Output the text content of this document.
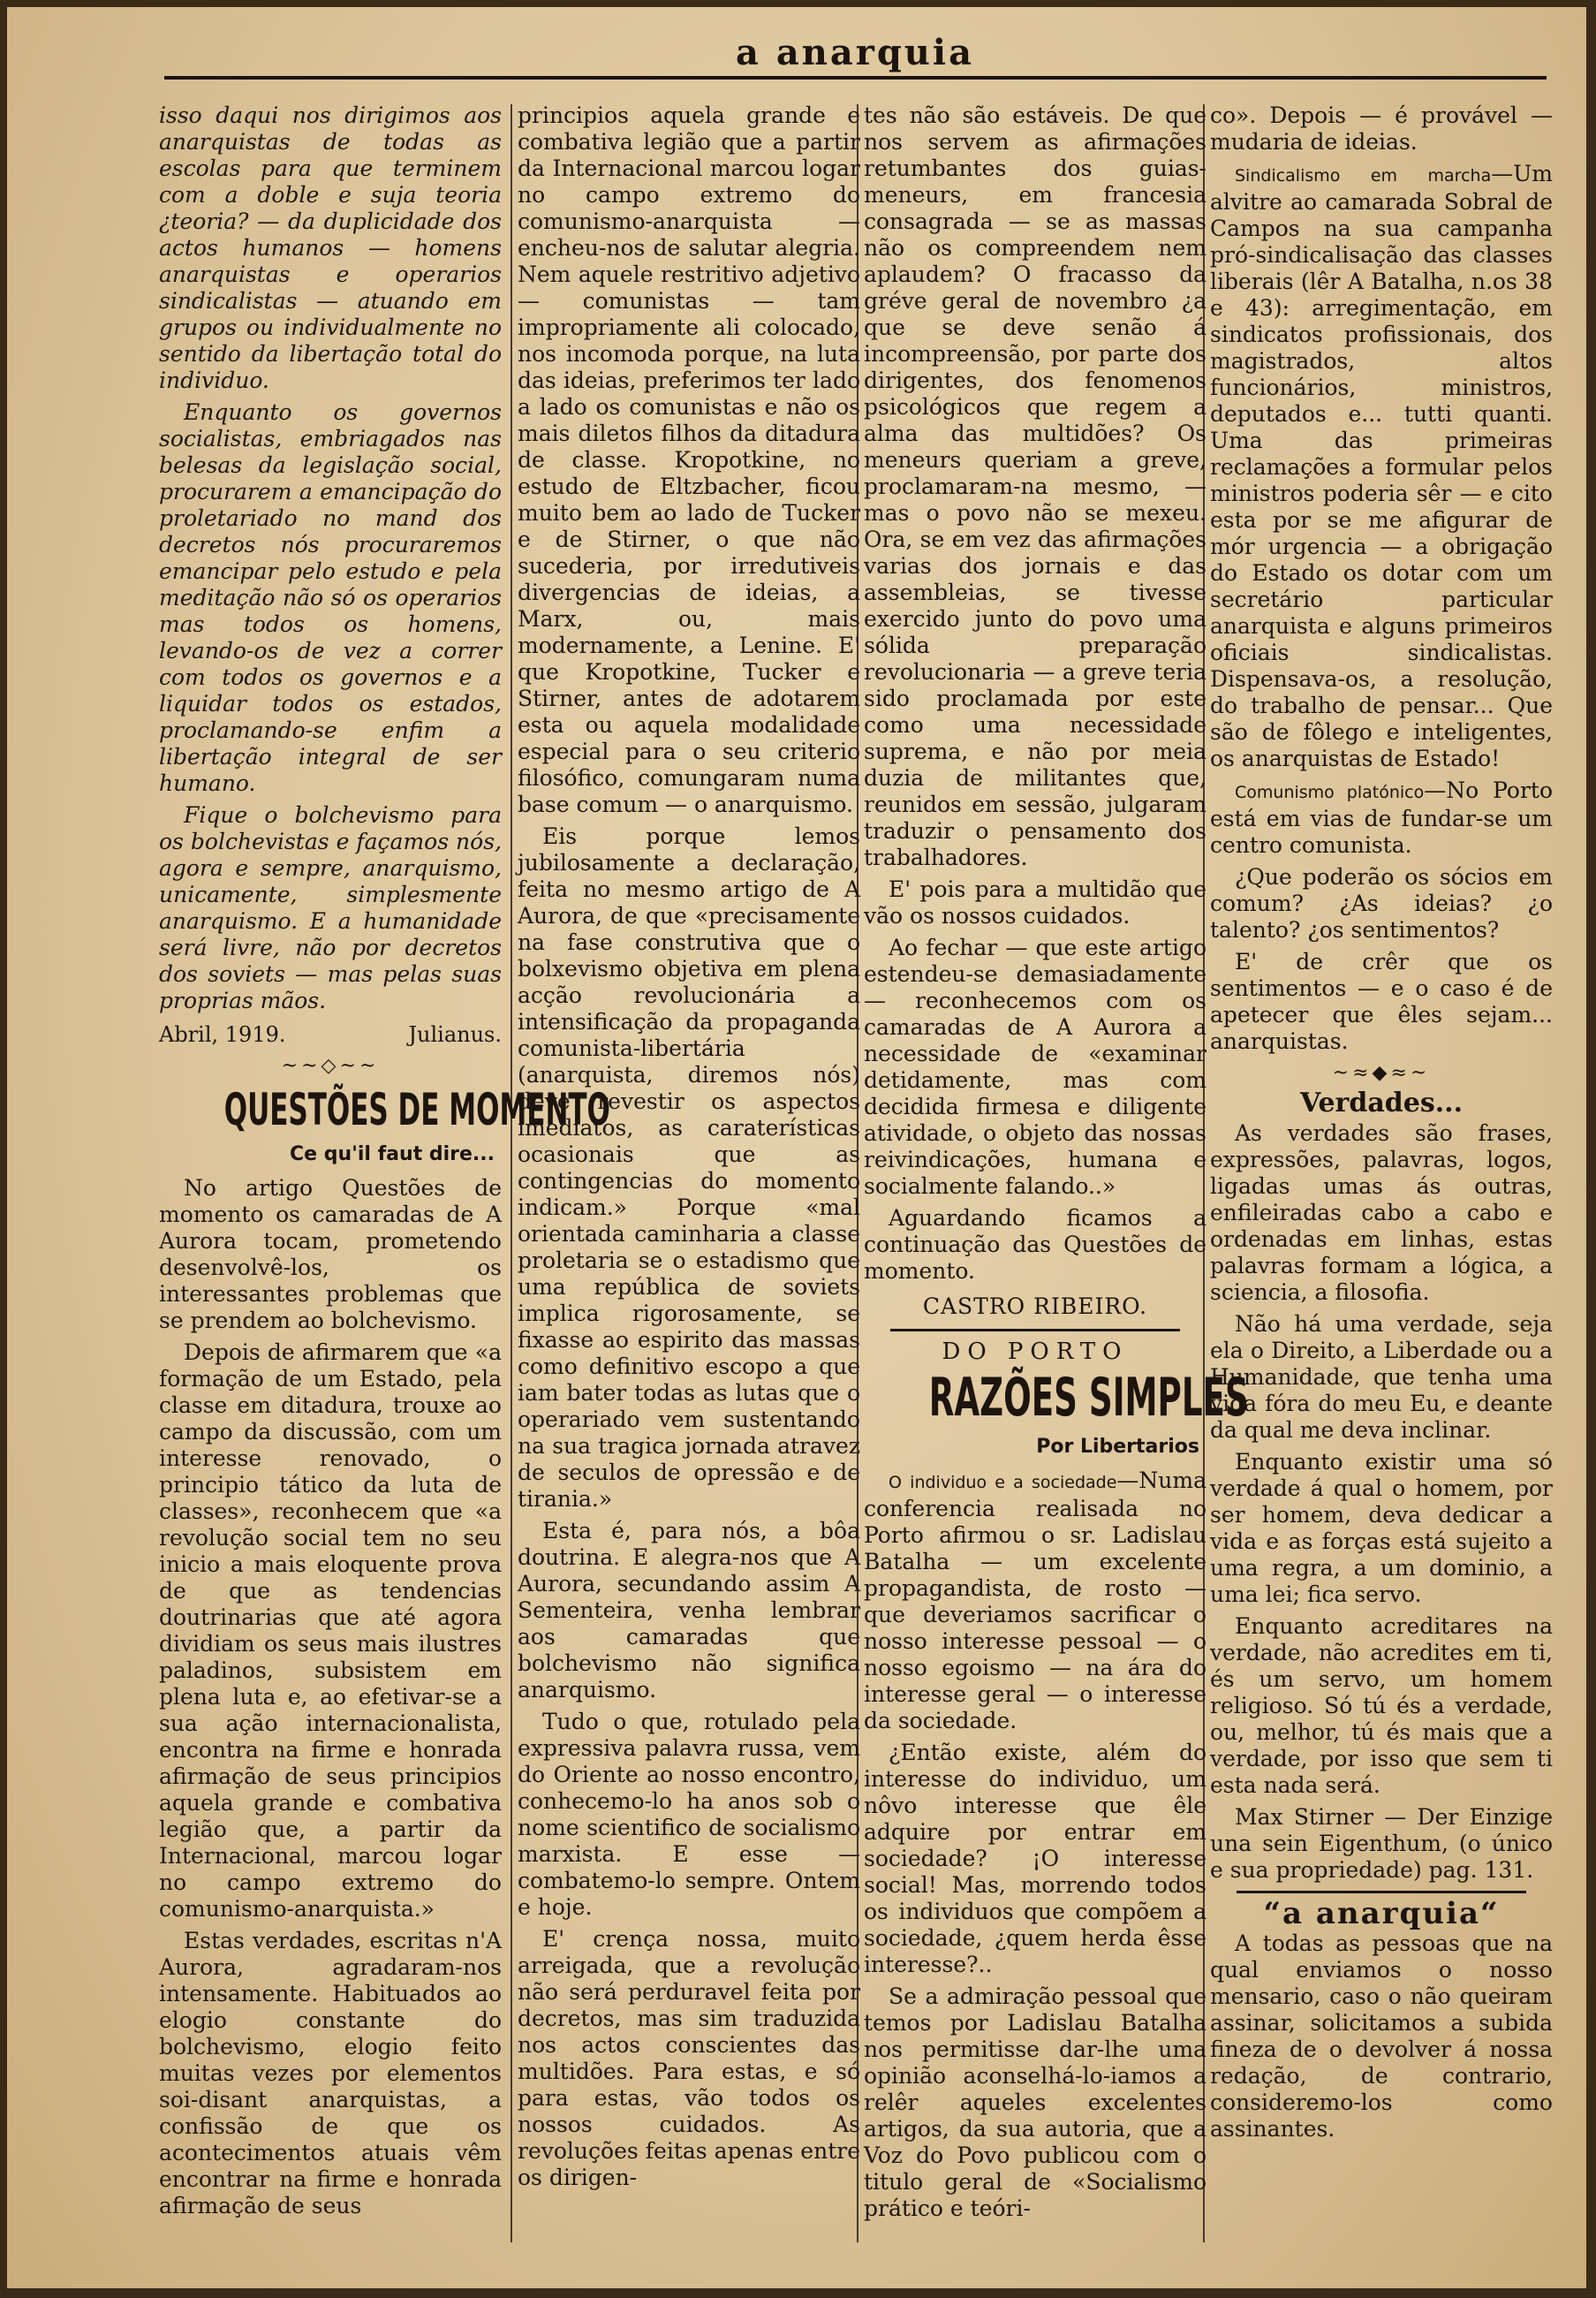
a anarquia

isso daqui nos dirigimos aos anarquistas de todas as escolas para que terminem com a doble e suja teoria ¿teoria? — da duplicidade dos actos humanos — homens anarquistas e operarios sindicalistas — atuando em grupos ou individualmente no sentido da libertação total do individuo.

Enquanto os governos socialistas, embriagados nas belesas da legislação social, procurarem a emancipação do proletariado no mand dos decretos nós procuraremos emancipar pelo estudo e pela meditação não só os operarios mas todos os homens, levando-os de vez a correr com todos os governos e a liquidar todos os estados, proclamando-se enfim a libertação integral de ser humano.

Fique o bolchevismo para os bolchevistas e façamos nós, agora e sempre, anarquismo, unicamente, simplesmente anarquismo. E a humanidade será livre, não por decretos dos soviets — mas pelas suas proprias mãos.

Abril, 1919.	Julianus.
~~◇~~
QUESTÕES DE MOMENTO
Ce qu'il faut dire...

No artigo Questões de momento os camaradas de A Aurora tocam, prometendo desenvolvê-los, os interessantes problemas que se prendem ao bolchevismo.

Depois de afirmarem que «a formação de um Estado, pela classe em ditadura, trouxe ao campo da discussão, com um interesse renovado, o principio tático da luta de classes», reconhecem que «a revolução social tem no seu inicio a mais eloquente prova de que as tendencias doutrinarias que até agora dividiam os seus mais ilustres paladinos, subsistem em plena luta e, ao efetivar-se a sua ação internacionalista, encontra na firme e honrada afirmação de seus principios aquela grande e combativa legião que, a partir da Internacional, marcou logar no campo extremo do comunismo-anarquista.»

Estas verdades, escritas n'A Aurora, agradaram-nos intensamente. Habituados ao elogio constante do bolchevismo, elogio feito muitas vezes por elementos soi-disant anarquistas, a confissão de que os acontecimentos atuais vêm encontrar na firme e honrada afirmação de seus

principios aquela grande e combativa legião que a partir da Internacional marcou logar no campo extremo do comunismo-anarquista — encheu-nos de salutar alegria. Nem aquele restritivo adjetivo — comunistas — tam impropriamente ali colocado, nos incomoda porque, na luta das ideias, preferimos ter lado a lado os comunistas e não os mais diletos filhos da ditadura de classe. Kropotkine, no estudo de Eltzbacher, ficou muito bem ao lado de Tucker e de Stirner, o que não sucederia, por irredutiveis divergencias de ideias, a Marx, ou, mais modernamente, a Lenine. E' que Kropotkine, Tucker e Stirner, antes de adotarem esta ou aquela modalidade especial para o seu criterio filosófico, comungaram numa base comum — o anarquismo.

Eis porque lemos jubilosamente a declaração, feita no mesmo artigo de A Aurora, de que «precisamente na fase construtiva que o bolxevismo objetiva em plena acção revolucionária a intensificação da propaganda comunista-libertária (anarquista, diremos nós) deve revestir os aspectos imediatos, as caraterísticas ocasionais que as contingencias do momento indicam.» Porque «mal orientada caminharia a classe proletaria se o estadismo que uma república de soviets implica rigorosamente, se fixasse ao espirito das massas como definitivo escopo a que iam bater todas as lutas que o operariado vem sustentando na sua tragica jornada atravez de seculos de opressão e de tirania.»

Esta é, para nós, a bôa doutrina. E alegra-nos que A Aurora, secundando assim A Sementeira, venha lembrar aos camaradas que bolchevismo não significa anarquismo.

Tudo o que, rotulado pela expressiva palavra russa, vem do Oriente ao nosso encontro, conhecemo-lo ha anos sob o nome scientifico de socialismo marxista. E esse — combatemo-lo sempre. Ontem e hoje.

E' crença nossa, muito arreigada, que a revolução não será perduravel feita por decretos, mas sim traduzida nos actos conscientes das multidões. Para estas, e só para estas, vão todos os nossos cuidados. As revoluções feitas apenas entre os dirigen-

tes não são estáveis. De que nos servem as afirmações retumbantes dos guias-meneurs, em francesia consagrada — se as massas não os compreendem nem aplaudem? O fracasso da gréve geral de novembro ¿a que se deve senão á incompreensão, por parte dos dirigentes, dos fenomenos psicológicos que regem a alma das multidões? Os meneurs queriam a greve, proclamaram-na mesmo, — mas o povo não se mexeu. Ora, se em vez das afirmações varias dos jornais e das assembleias, se tivesse exercido junto do povo uma sólida preparação revolucionaria — a greve teria sido proclamada por este como uma necessidade suprema, e não por meia duzia de militantes que, reunidos em sessão, julgaram traduzir o pensamento dos trabalhadores.

E' pois para a multidão que vão os nossos cuidados.

Ao fechar — que este artigo estendeu-se demasiadamente — reconhecemos com os camaradas de A Aurora a necessidade de «examinar detidamente, mas com decidida firmesa e diligente atividade, o objeto das nossas reivindicações, humana e socialmente falando..»

Aguardando ficamos a continuação das Questões de momento.

CASTRO RIBEIRO.
DO PORTO
RAZÕES SIMPLES
Por Libertarios

O individuo e a sociedade—Numa conferencia realisada no Porto afirmou o sr. Ladislau Batalha — um excelente propagandista, de rosto — que deveriamos sacrificar o nosso interesse pessoal — o nosso egoismo — na ára do interesse geral — o interesse da sociedade.

¿Então existe, além do interesse do individuo, um nôvo interesse que êle adquire por entrar em sociedade? ¡O interesse social! Mas, morrendo todos os individuos que compõem a sociedade, ¿quem herda êsse interesse?..

Se a admiração pessoal que temos por Ladislau Batalha nos permitisse dar-lhe uma opinião aconselhá-lo-iamos a relêr aqueles excelentes artigos, da sua autoria, que a Voz do Povo publicou com o titulo geral de «Socialismo prático e teóri-

co». Depois — é provável — mudaria de ideias.

Sindicalismo em marcha—Um alvitre ao camarada Sobral de Campos na sua campanha pró-sindicalisação das classes liberais (lêr A Batalha, n.os 38 e 43): arregimentação, em sindicatos profissionais, dos magistrados, altos funcionários, ministros, deputados e... tutti quanti. Uma das primeiras reclamações a formular pelos ministros poderia sêr — e cito esta por se me afigurar de mór urgencia — a obrigação do Estado os dotar com um secretário particular anarquista e alguns primeiros oficiais sindicalistas. Dispensava-os, a resolução, do trabalho de pensar... Que são de fôlego e inteligentes, os anarquistas de Estado!

Comunismo platónico—No Porto está em vias de fundar-se um centro comunista.

¿Que poderão os sócios em comum? ¿As ideias? ¿o talento? ¿os sentimentos?

E' de crêr que os sentimentos — e o caso é de apetecer que êles sejam... anarquistas.

~≈◆≈~
Verdades...

As verdades são frases, expressões, palavras, logos, ligadas umas ás outras, enfileiradas cabo a cabo e ordenadas em linhas, estas palavras formam a lógica, a sciencia, a filosofia.

Não há uma verdade, seja ela o Direito, a Liberdade ou a Humanidade, que tenha uma vida fóra do meu Eu, e deante da qual me deva inclinar.

Enquanto existir uma só verdade á qual o homem, por ser homem, deva dedicar a vida e as forças está sujeito a uma regra, a um dominio, a uma lei; fica servo.

Enquanto acreditares na verdade, não acredites em ti, és um servo, um homem religioso. Só tú és a verdade, ou, melhor, tú és mais que a verdade, por isso que sem ti esta nada será.

Max Stirner — Der Einzige una sein Eigenthum, (o único e sua propriedade) pag. 131.

“a anarquia“

A todas as pessoas que na qual enviamos o nosso mensario, caso o não queiram assinar, solicitamos a subida fineza de o devolver á nossa redação, de contrario, consideremo-los como assinantes.
